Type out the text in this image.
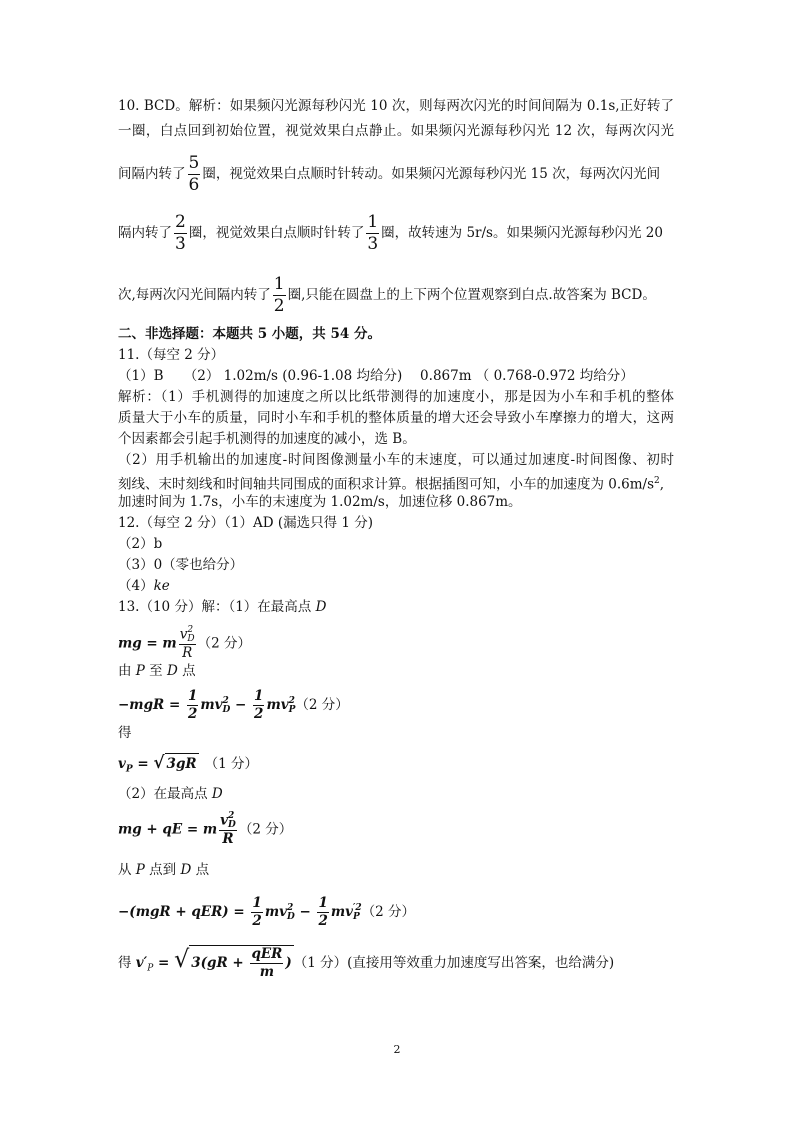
10. BCD。解析：如果频闪光源每秒闪光 10 次，则每两次闪光的时间间隔为 0.1s,正好转了
一圈，白点回到初始位置，视觉效果白点静止。如果频闪光源每秒闪光 12 次，每两次闪光
间隔内转了 $\frac{5}{6}$ 圈，视觉效果白点顺时针转动。如果频闪光源每秒闪光 15 次，每两次闪光间
隔内转了 $\frac{2}{3}$ 圈，视觉效果白点顺时针转了 $\frac{1}{3}$ 圈，故转速为 5r/s。如果频闪光源每秒闪光 20
次,每两次闪光间隔内转了 $\frac{1}{2}$ 圈,只能在圆盘上的上下两个位置观察到白点.故答案为 BCD。
二、非选择题：本题共 5 小题，共 54 分。
11.（每空 2 分）
（1）B　　（2） 1.02m/s (0.96-1.08 均给分)　 0.867m （ 0.768-0.972 均给分）
解析：（1）手机测得的加速度之所以比纸带测得的加速度小，那是因为小车和手机的整体
质量大于小车的质量，同时小车和手机的整体质量的增大还会导致小车摩擦力的增大，这两
个因素都会引起手机测得的加速度的减小，选 B。
（2）用手机输出的加速度-时间图像测量小车的末速度，可以通过加速度-时间图像、初时
刻线、末时刻线和时间轴共同围成的面积求计算。根据插图可知，小车的加速度为 $0.6m/s^2$,
加速时间为 1.7s，小车的末速度为 1.02m/s，加速位移 0.867m。
12.（每空 2 分）（1）AD (漏选只得 1 分)
（2）b
（3）0（零也给分）
（4）ke
13.（10 分）解：（1）在最高点 D
mg = m v 2
D
R （2 分）
由 P 至 D 点
$-mgR = \frac{1}{2}$ mv 2
$D - \frac{1}{2}$ mv 2
P （2 分）
得
$v_P$ = √ 3gR （1 分）
（2）在最高点 D
mg + qE = m v 2
D
R （2 分）
从 P 点到 D 点
$-(mgR + qER) = \frac{1}{2}$ mv 2
$D - \frac{1}{2}$ mv ′2
P （2 分）
得 $v'_P$ = √ $3(gR + \frac{\text{qER}}{m}$ ) （1 分）(直接用等效重力加速度写出答案，也给满分)
2
